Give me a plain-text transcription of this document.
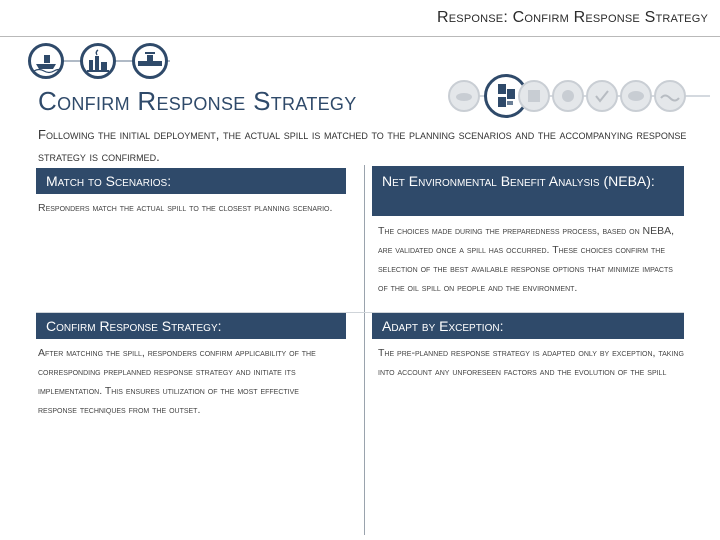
Response: Confirm Response Strategy
Confirm Response Strategy
Following the initial deployment, the actual spill is matched to the planning scenarios and the accompanying response strategy is confirmed.
Match to Scenarios:
Responders match the actual spill to the closest planning scenario.
Net Environmental Benefit Analysis (NEBA):
The choices made during the preparedness process, based on NEBA, are validated once a spill has occurred. These choices confirm the selection of the best available response options that minimize impacts of the oil spill on people and the environment.
Confirm Response Strategy:
After matching the spill, responders confirm applicability of the corresponding preplanned response strategy and initiate its implementation. This ensures utilization of the most effective response techniques from the outset.
Adapt by Exception:
The pre-planned response strategy is adapted only by exception, taking into account any unforeseen factors and the evolution of the spill
